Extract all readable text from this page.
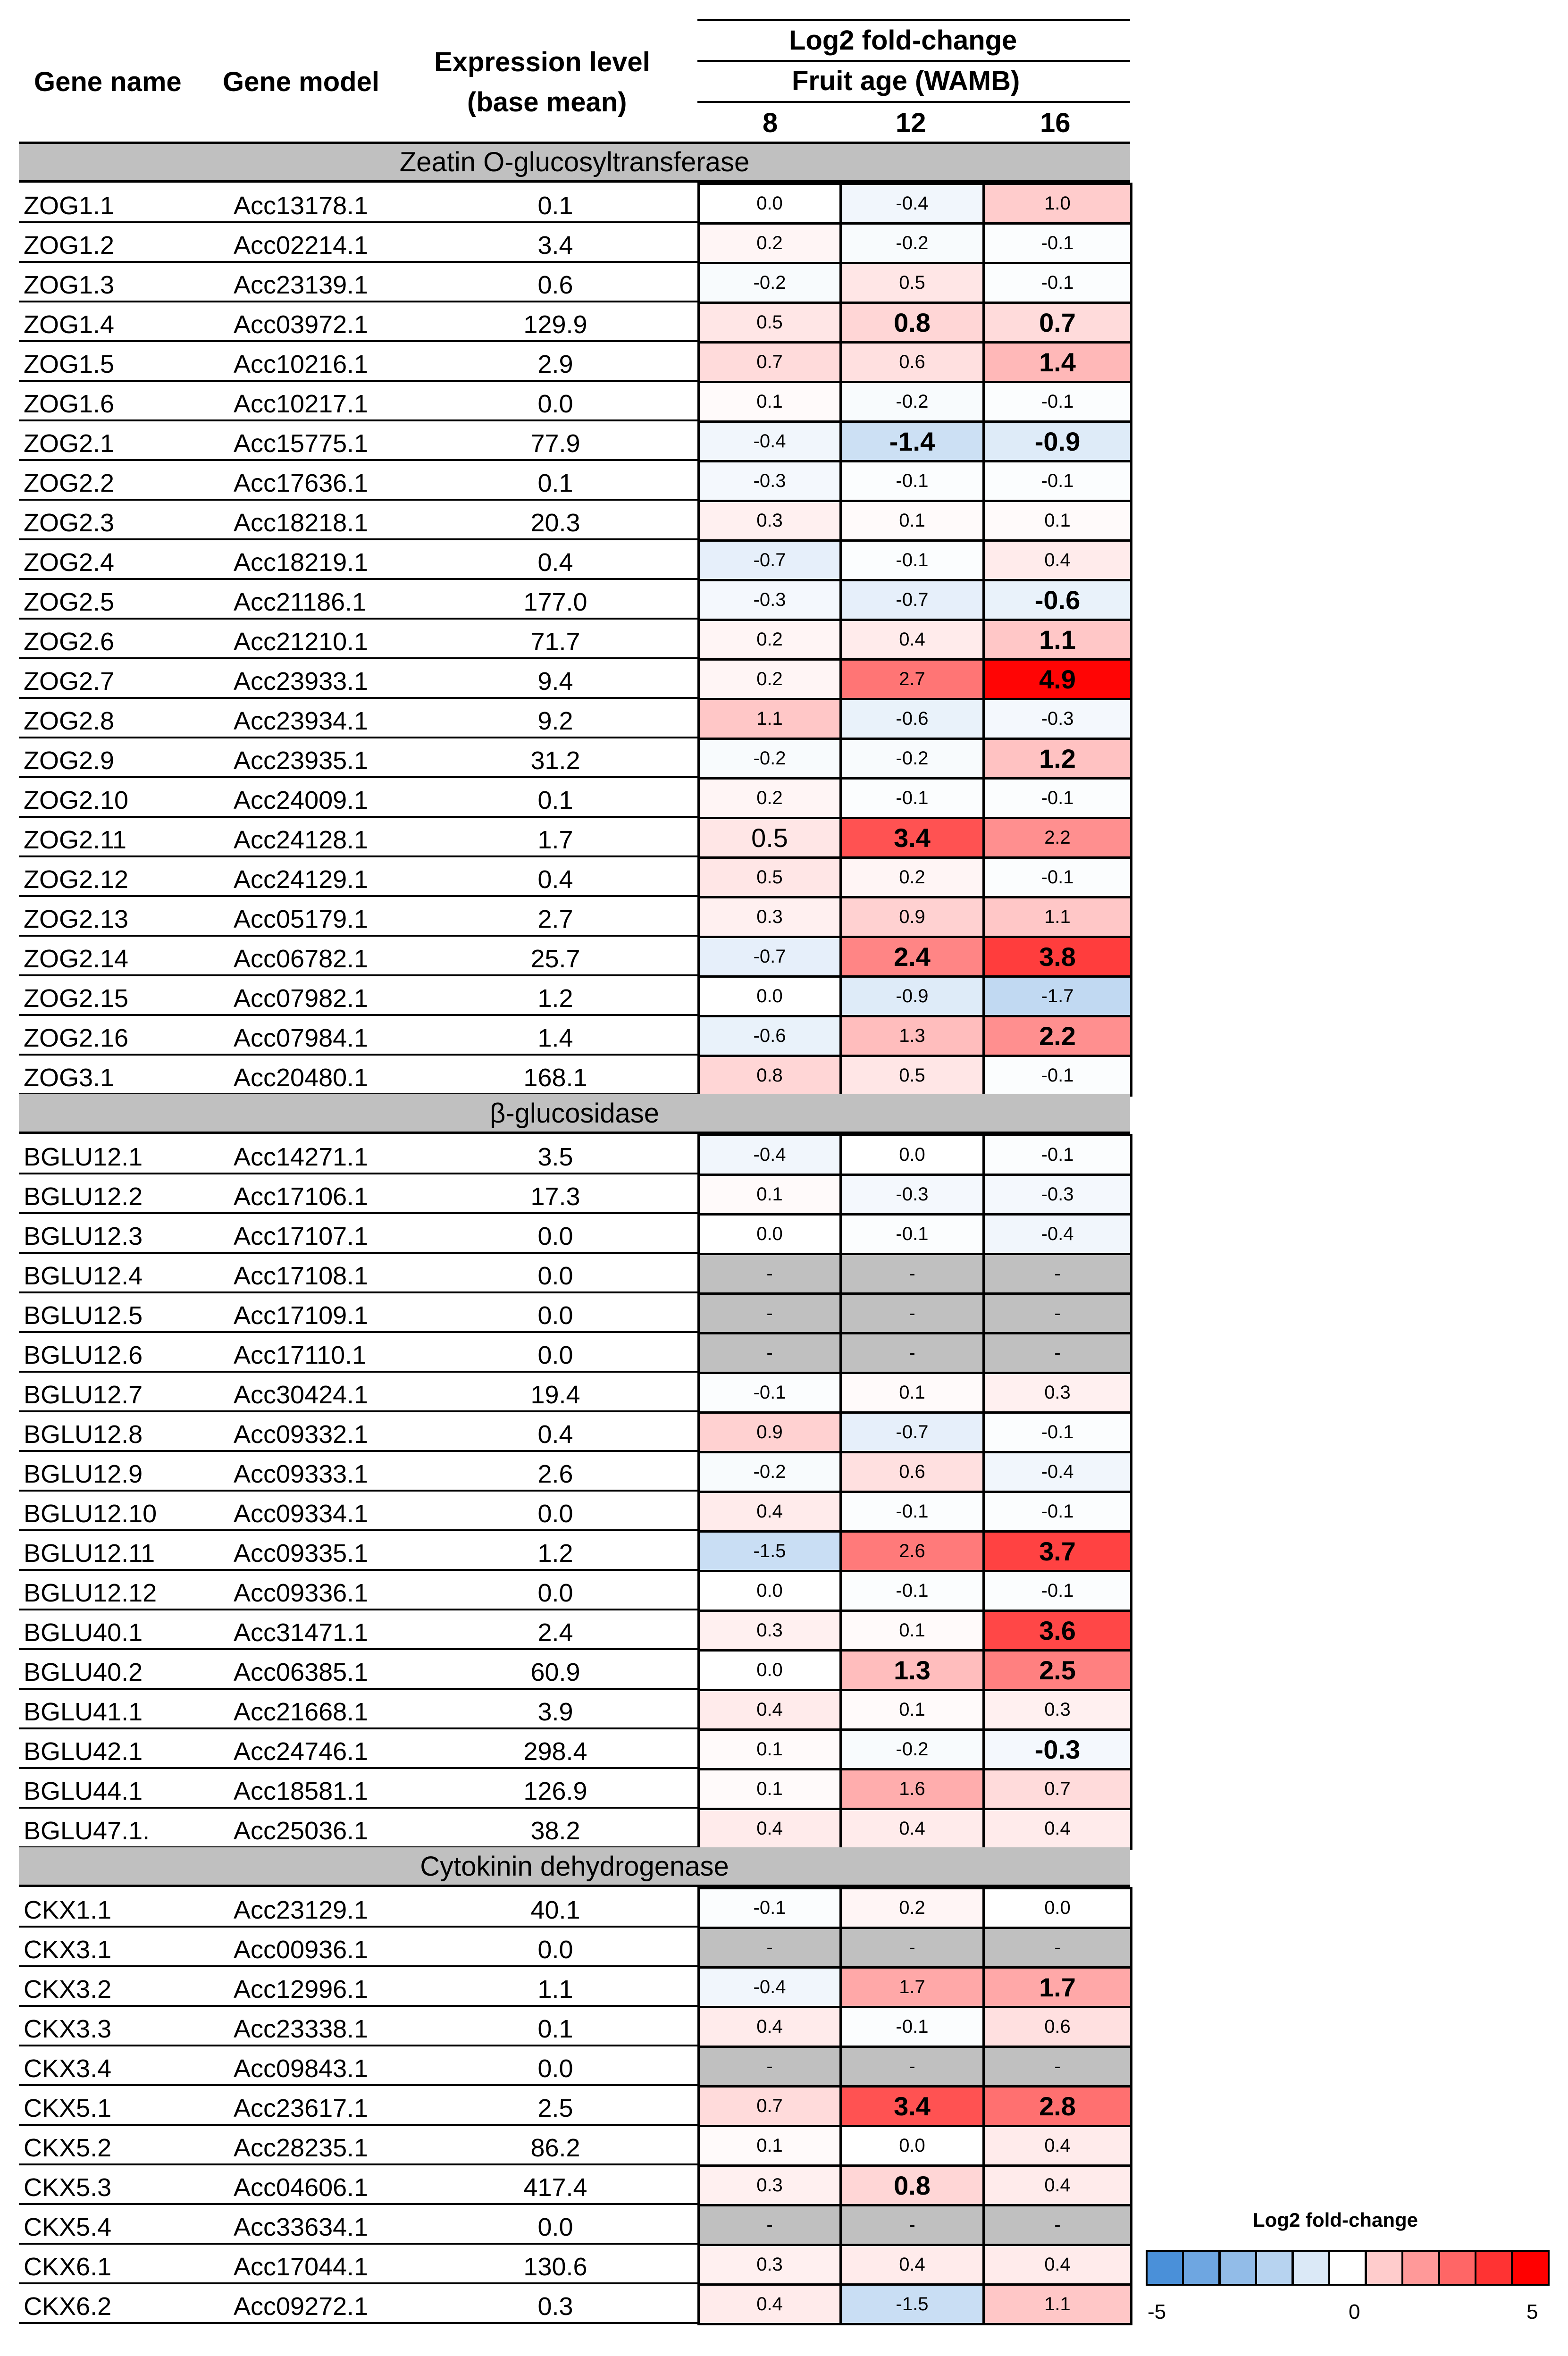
Gene name Gene model
Expression level
(base mean)
Log2 fold-change
Fruit age (WAMB)
8	12	16
Zeatin O-glucosyltransferase
ZOG1.1	Acc13178.1	0.1	0.0	-0.4	1.0
ZOG1.2	Acc02214.1	3.4	0.2	-0.2	-0.1
ZOG1.3	Acc23139.1	0.6	-0.2	0.5	-0.1
ZOG1.4	Acc03972.1	129.9	0.5	0.8	0.7
ZOG1.5	Acc10216.1	2.9	0.7	0.6	1.4
ZOG1.6	Acc10217.1	0.0	0.1	-0.2	-0.1
ZOG2.1	Acc15775.1	77.9	-0.4	-1.4	-0.9
ZOG2.2	Acc17636.1	0.1	-0.3	-0.1	-0.1
ZOG2.3	Acc18218.1	20.3	0.3	0.1	0.1
ZOG2.4	Acc18219.1	0.4	-0.7	-0.1	0.4
ZOG2.5	Acc21186.1	177.0	-0.3	-0.7	-0.6
ZOG2.6	Acc21210.1	71.7	0.2	0.4	1.1
ZOG2.7	Acc23933.1	9.4	0.2	2.7	4.9
ZOG2.8	Acc23934.1	9.2	1.1	-0.6	-0.3
ZOG2.9	Acc23935.1	31.2	-0.2	-0.2	1.2
ZOG2.10	Acc24009.1	0.1	0.2	-0.1	-0.1
ZOG2.11	Acc24128.1	1.7	0.5	3.4	2.2
ZOG2.12	Acc24129.1	0.4	0.5	0.2	-0.1
ZOG2.13	Acc05179.1	2.7	0.3	0.9	1.1
ZOG2.14	Acc06782.1	25.7	-0.7	2.4	3.8
ZOG2.15	Acc07982.1	1.2	0.0	-0.9	-1.7
ZOG2.16	Acc07984.1	1.4	-0.6	1.3	2.2
ZOG3.1	Acc20480.1	168.1	0.8	0.5	-0.1
β-glucosidase
BGLU12.1	Acc14271.1	3.5	-0.4	0.0	-0.1
BGLU12.2	Acc17106.1	17.3	0.1	-0.3	-0.3
BGLU12.3	Acc17107.1	0.0	0.0	-0.1	-0.4
BGLU12.4	Acc17108.1	0.0	-	-	-
BGLU12.5	Acc17109.1	0.0	-	-	-
BGLU12.6	Acc17110.1	0.0	-	-	-
BGLU12.7	Acc30424.1	19.4	-0.1	0.1	0.3
BGLU12.8	Acc09332.1	0.4	0.9	-0.7	-0.1
BGLU12.9	Acc09333.1	2.6	-0.2	0.6	-0.4
BGLU12.10	Acc09334.1	0.0	0.4	-0.1	-0.1
BGLU12.11	Acc09335.1	1.2	-1.5	2.6	3.7
BGLU12.12	Acc09336.1	0.0	0.0	-0.1	-0.1
BGLU40.1	Acc31471.1	2.4	0.3	0.1	3.6
BGLU40.2	Acc06385.1	60.9	0.0	1.3	2.5
BGLU41.1	Acc21668.1	3.9	0.4	0.1	0.3
BGLU42.1	Acc24746.1	298.4	0.1	-0.2	-0.3
BGLU44.1	Acc18581.1	126.9	0.1	1.6	0.7
BGLU47.1.	Acc25036.1	38.2	0.4	0.4	0.4
Cytokinin dehydrogenase
CKX1.1	Acc23129.1	40.1	-0.1	0.2	0.0
CKX3.1	Acc00936.1	0.0	-	-	-
CKX3.2	Acc12996.1	1.1	-0.4	1.7	1.7
CKX3.3	Acc23338.1	0.1	0.4	-0.1	0.6
CKX3.4	Acc09843.1	0.0	-	-	-
CKX5.1	Acc23617.1	2.5	0.7	3.4	2.8
CKX5.2	Acc28235.1	86.2	0.1	0.0	0.4
CKX5.3	Acc04606.1	417.4	0.3	0.8	0.4
CKX5.4	Acc33634.1	0.0	-	-	-
CKX6.1	Acc17044.1	130.6	0.3	0.4	0.4
CKX6.2	Acc09272.1	0.3	0.4	-1.5	1.1
Log2 fold-change
-5	0	5
